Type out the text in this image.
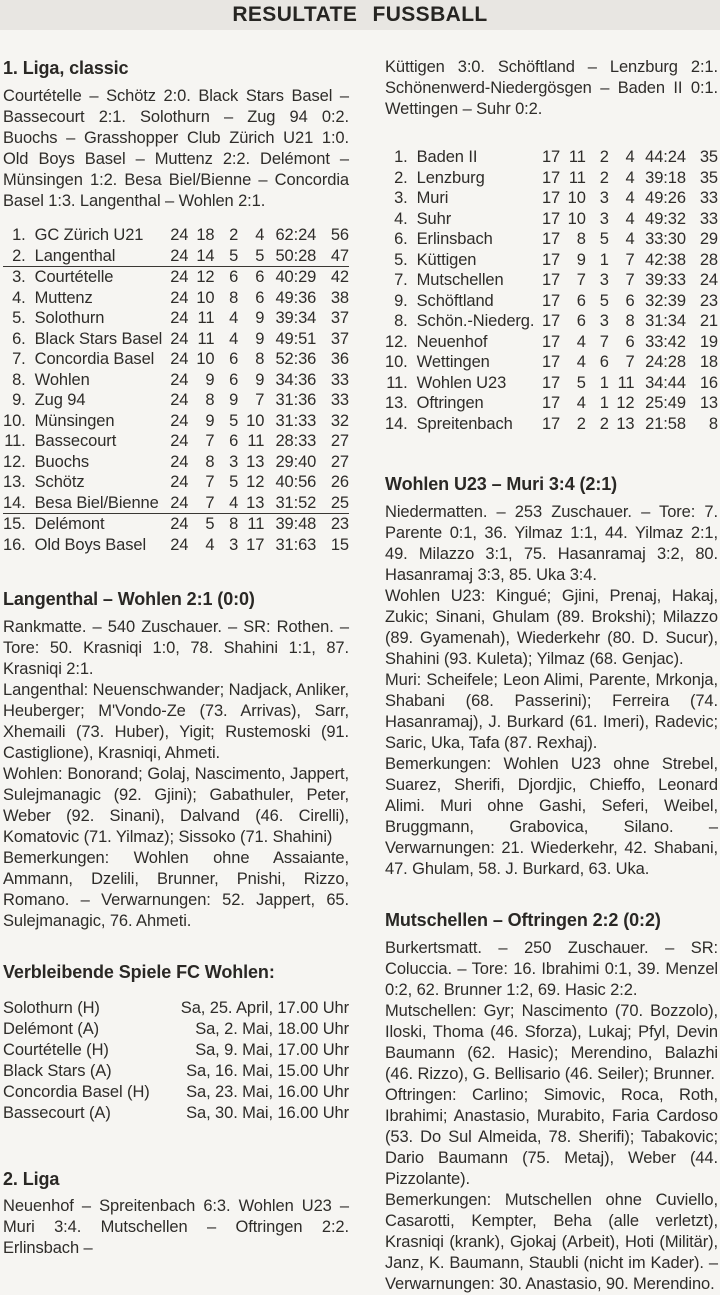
RESULTATE FUSSBALL
1. Liga, classic

Courtételle – Schötz 2:0. Black Stars Basel – Bassecourt 2:1. Solothurn – Zug 94 0:2. Buochs – Grasshopper Club Zürich U21 1:0. Old Boys Basel – Muttenz 2:2. Delémont – Münsingen 1:2. Besa Biel/Bienne – Concordia Basel 1:3. Langenthal – Wohlen 2:1.

1.	GC Zürich U21	24	18	2	4	62:24	56
2.	Langenthal	24	14	5	5	50:28	47
3.	Courtételle	24	12	6	6	40:29	42
4.	Muttenz	24	10	8	6	49:36	38
5.	Solothurn	24	11	4	9	39:34	37
6.	Black Stars Basel	24	11	4	9	49:51	37
7.	Concordia Basel	24	10	6	8	52:36	36
8.	Wohlen	24	9	6	9	34:36	33
9.	Zug 94	24	8	9	7	31:36	33
10.	Münsingen	24	9	5	10	31:33	32
11.	Bassecourt	24	7	6	11	28:33	27
12.	Buochs	24	8	3	13	29:40	27
13.	Schötz	24	7	5	12	40:56	26
14.	Besa Biel/Bienne	24	7	4	13	31:52	25
15.	Delémont	24	5	8	11	39:48	23
16.	Old Boys Basel	24	4	3	17	31:63	15
Langenthal – Wohlen 2:1 (0:0)

Rankmatte. – 540 Zuschauer. – SR: Rothen. – Tore: 50. Krasniqi 1:0, 78. Shahini 1:1, 87. Krasniqi 2:1.

Langenthal: Neuenschwander; Nadjack, Anliker, Heuberger; M'Vondo-Ze (73. Arrivas), Sarr, Xhemaili (73. Huber), Yigit; Rustemoski (91. Castiglione), Krasniqi, Ahmeti.

Wohlen: Bonorand; Golaj, Nascimento, Jappert, Sulejmanagic (92. Gjini); Gabathuler, Peter, Weber (92. Sinani), Dalvand (46. Cirelli), Komatovic (71. Yilmaz); Sissoko (71. Shahini)

Bemerkungen: Wohlen ohne Assaiante, Ammann, Dzelili, Brunner, Pnishi, Rizzo, Romano. – Verwarnungen: 52. Jappert, 65. Sulejmanagic, 76. Ahmeti.

Verbleibende Spiele FC Wohlen:
Solothurn (H)	Sa, 25. April, 17.00 Uhr
Delémont (A)	Sa, 2. Mai, 18.00 Uhr
Courtételle (H)	Sa, 9. Mai, 17.00 Uhr
Black Stars (A)	Sa, 16. Mai, 15.00 Uhr
Concordia Basel (H) Sa, 23. Mai, 16.00 Uhr
Bassecourt (A)	Sa, 30. Mai, 16.00 Uhr
2. Liga

Neuenhof – Spreitenbach 6:3. Wohlen U23 – Muri 3:4. Mutschellen – Oftringen 2:2. Erlinsbach –

Küttigen 3:0. Schöftland – Lenzburg 2:1. Schönenwerd-Niedergösgen – Baden II 0:1. Wettingen – Suhr 0:2.

1.	Baden II	17	11	2	4	44:24	35
2.	Lenzburg	17	11	2	4	39:18	35
3.	Muri	17	10	3	4	49:26	33
4.	Suhr	17	10	3	4	49:32	33
6.	Erlinsbach	17	8	5	4	33:30	29
5.	Küttigen	17	9	1	7	42:38	28
7.	Mutschellen	17	7	3	7	39:33	24
9.	Schöftland	17	6	5	6	32:39	23
8.	Schön.-Niederg.	17	6	3	8	31:34	21
12.	Neuenhof	17	4	7	6	33:42	19
10.	Wettingen	17	4	6	7	24:28	18
11.	Wohlen U23	17	5	1	11	34:44	16
13.	Oftringen	17	4	1	12	25:49	13
14.	Spreitenbach	17	2	2	13	21:58	8
Wohlen U23 – Muri 3:4 (2:1)

Niedermatten. – 253 Zuschauer. – Tore: 7. Parente 0:1, 36. Yilmaz 1:1, 44. Yilmaz 2:1, 49. Milazzo 3:1, 75. Hasanramaj 3:2, 80. Hasanramaj 3:3, 85. Uka 3:4.

Wohlen U23: Kingué; Gjini, Prenaj, Hakaj, Zukic; Sinani, Ghulam (89. Brokshi); Milazzo (89. Gyamenah), Wiederkehr (80. D. Sucur), Shahini (93. Kuleta); Yilmaz (68. Genjac).

Muri: Scheifele; Leon Alimi, Parente, Mrkonja, Shabani (68. Passerini); Ferreira (74. Hasanramaj), J. Burkard (61. Imeri), Radevic; Saric, Uka, Tafa (87. Rexhaj).

Bemerkungen: Wohlen U23 ohne Strebel, Suarez, Sherifi, Djordjic, Chieffo, Leonard Alimi. Muri ohne Gashi, Seferi, Weibel, Bruggmann, Grabovica, Silano. – Verwarnungen: 21. Wiederkehr, 42. Shabani, 47. Ghulam, 58. J. Burkard, 63. Uka.

Mutschellen – Oftringen 2:2 (0:2)

Burkertsmatt. – 250 Zuschauer. – SR: Coluccia. – Tore: 16. Ibrahimi 0:1, 39. Menzel 0:2, 62. Brunner 1:2, 69. Hasic 2:2.

Mutschellen: Gyr; Nascimento (70. Bozzolo), Iloski, Thoma (46. Sforza), Lukaj; Pfyl, Devin Baumann (62. Hasic); Merendino, Balazhi (46. Rizzo), G. Bellisario (46. Seiler); Brunner.

Oftringen: Carlino; Simovic, Roca, Roth, Ibrahimi; Anastasio, Murabito, Faria Cardoso (53. Do Sul Almeida, 78. Sherifi); Tabakovic; Dario Baumann (75. Metaj), Weber (44. Pizzolante).

Bemerkungen: Mutschellen ohne Cuviello, Casarotti, Kempter, Beha (alle verletzt), Krasniqi (krank), Gjokaj (Arbeit), Hoti (Militär), Janz, K. Baumann, Staubli (nicht im Kader). – Verwarnungen: 30. Anastasio, 90. Merendino.
